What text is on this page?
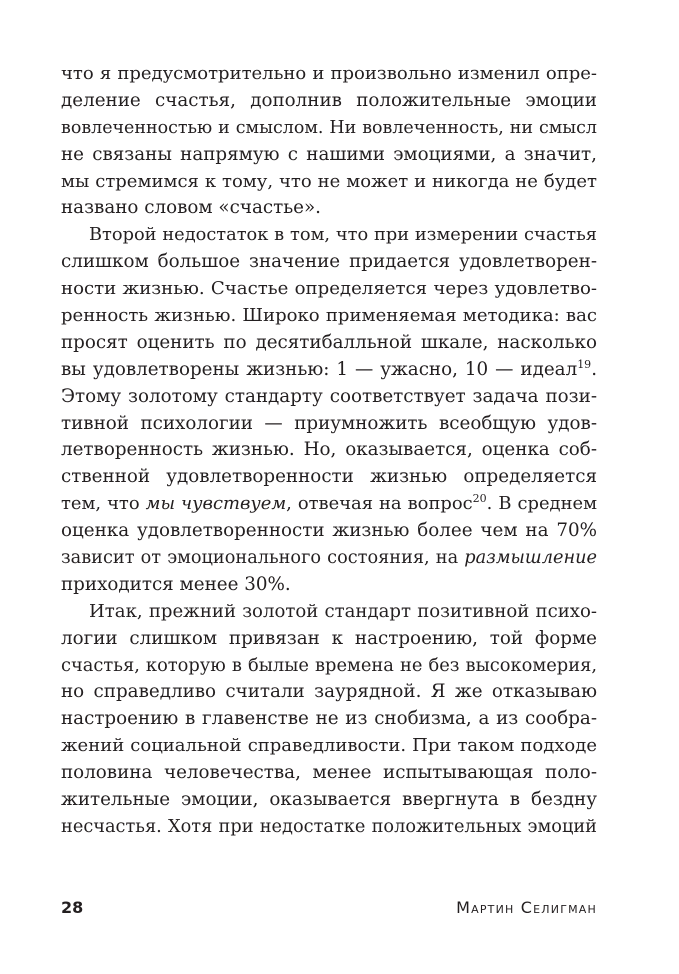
что я предусмотрительно и произвольно изменил опре-
деление счастья, дополнив положительные эмоции
вовлеченностью и смыслом. Ни вовлеченность, ни смысл
не связаны напрямую с нашими эмоциями, а значит,
мы стремимся к тому, что не может и никогда не будет
названо словом «счастье».
Второй недостаток в том, что при измерении счастья
слишком большое значение придается удовлетворен-
ности жизнью. Счастье определяется через удовлетво-
ренность жизнью. Широко применяемая методика: вас
просят оценить по десятибалльной шкале, насколько
вы удовлетворены жизнью: 1 — ужасно, 10 — идеал$^{19}$.
Этому золотому стандарту соответствует задача пози-
тивной психологии — приумножить всеобщую удов-
летворенность жизнью. Но, оказывается, оценка соб-
ственной удовлетворенности жизнью определяется
тем, что мы чувствуем, отвечая на вопрос$^{20}$. В среднем
оценка удовлетворенности жизнью более чем на 70%
зависит от эмоционального состояния, на размышление
приходится менее 30%.
Итак, прежний золотой стандарт позитивной психо-
логии слишком привязан к настроению, той форме
счастья, которую в былые времена не без высокомерия,
но справедливо считали заурядной. Я же отказываю
настроению в главенстве не из снобизма, а из сообра-
жений социальной справедливости. При таком подходе
половина человечества, менее испытывающая поло-
жительные эмоции, оказывается ввергнута в бездну
несчастья. Хотя при недостатке положительных эмоций
28	Мартин Селигман
